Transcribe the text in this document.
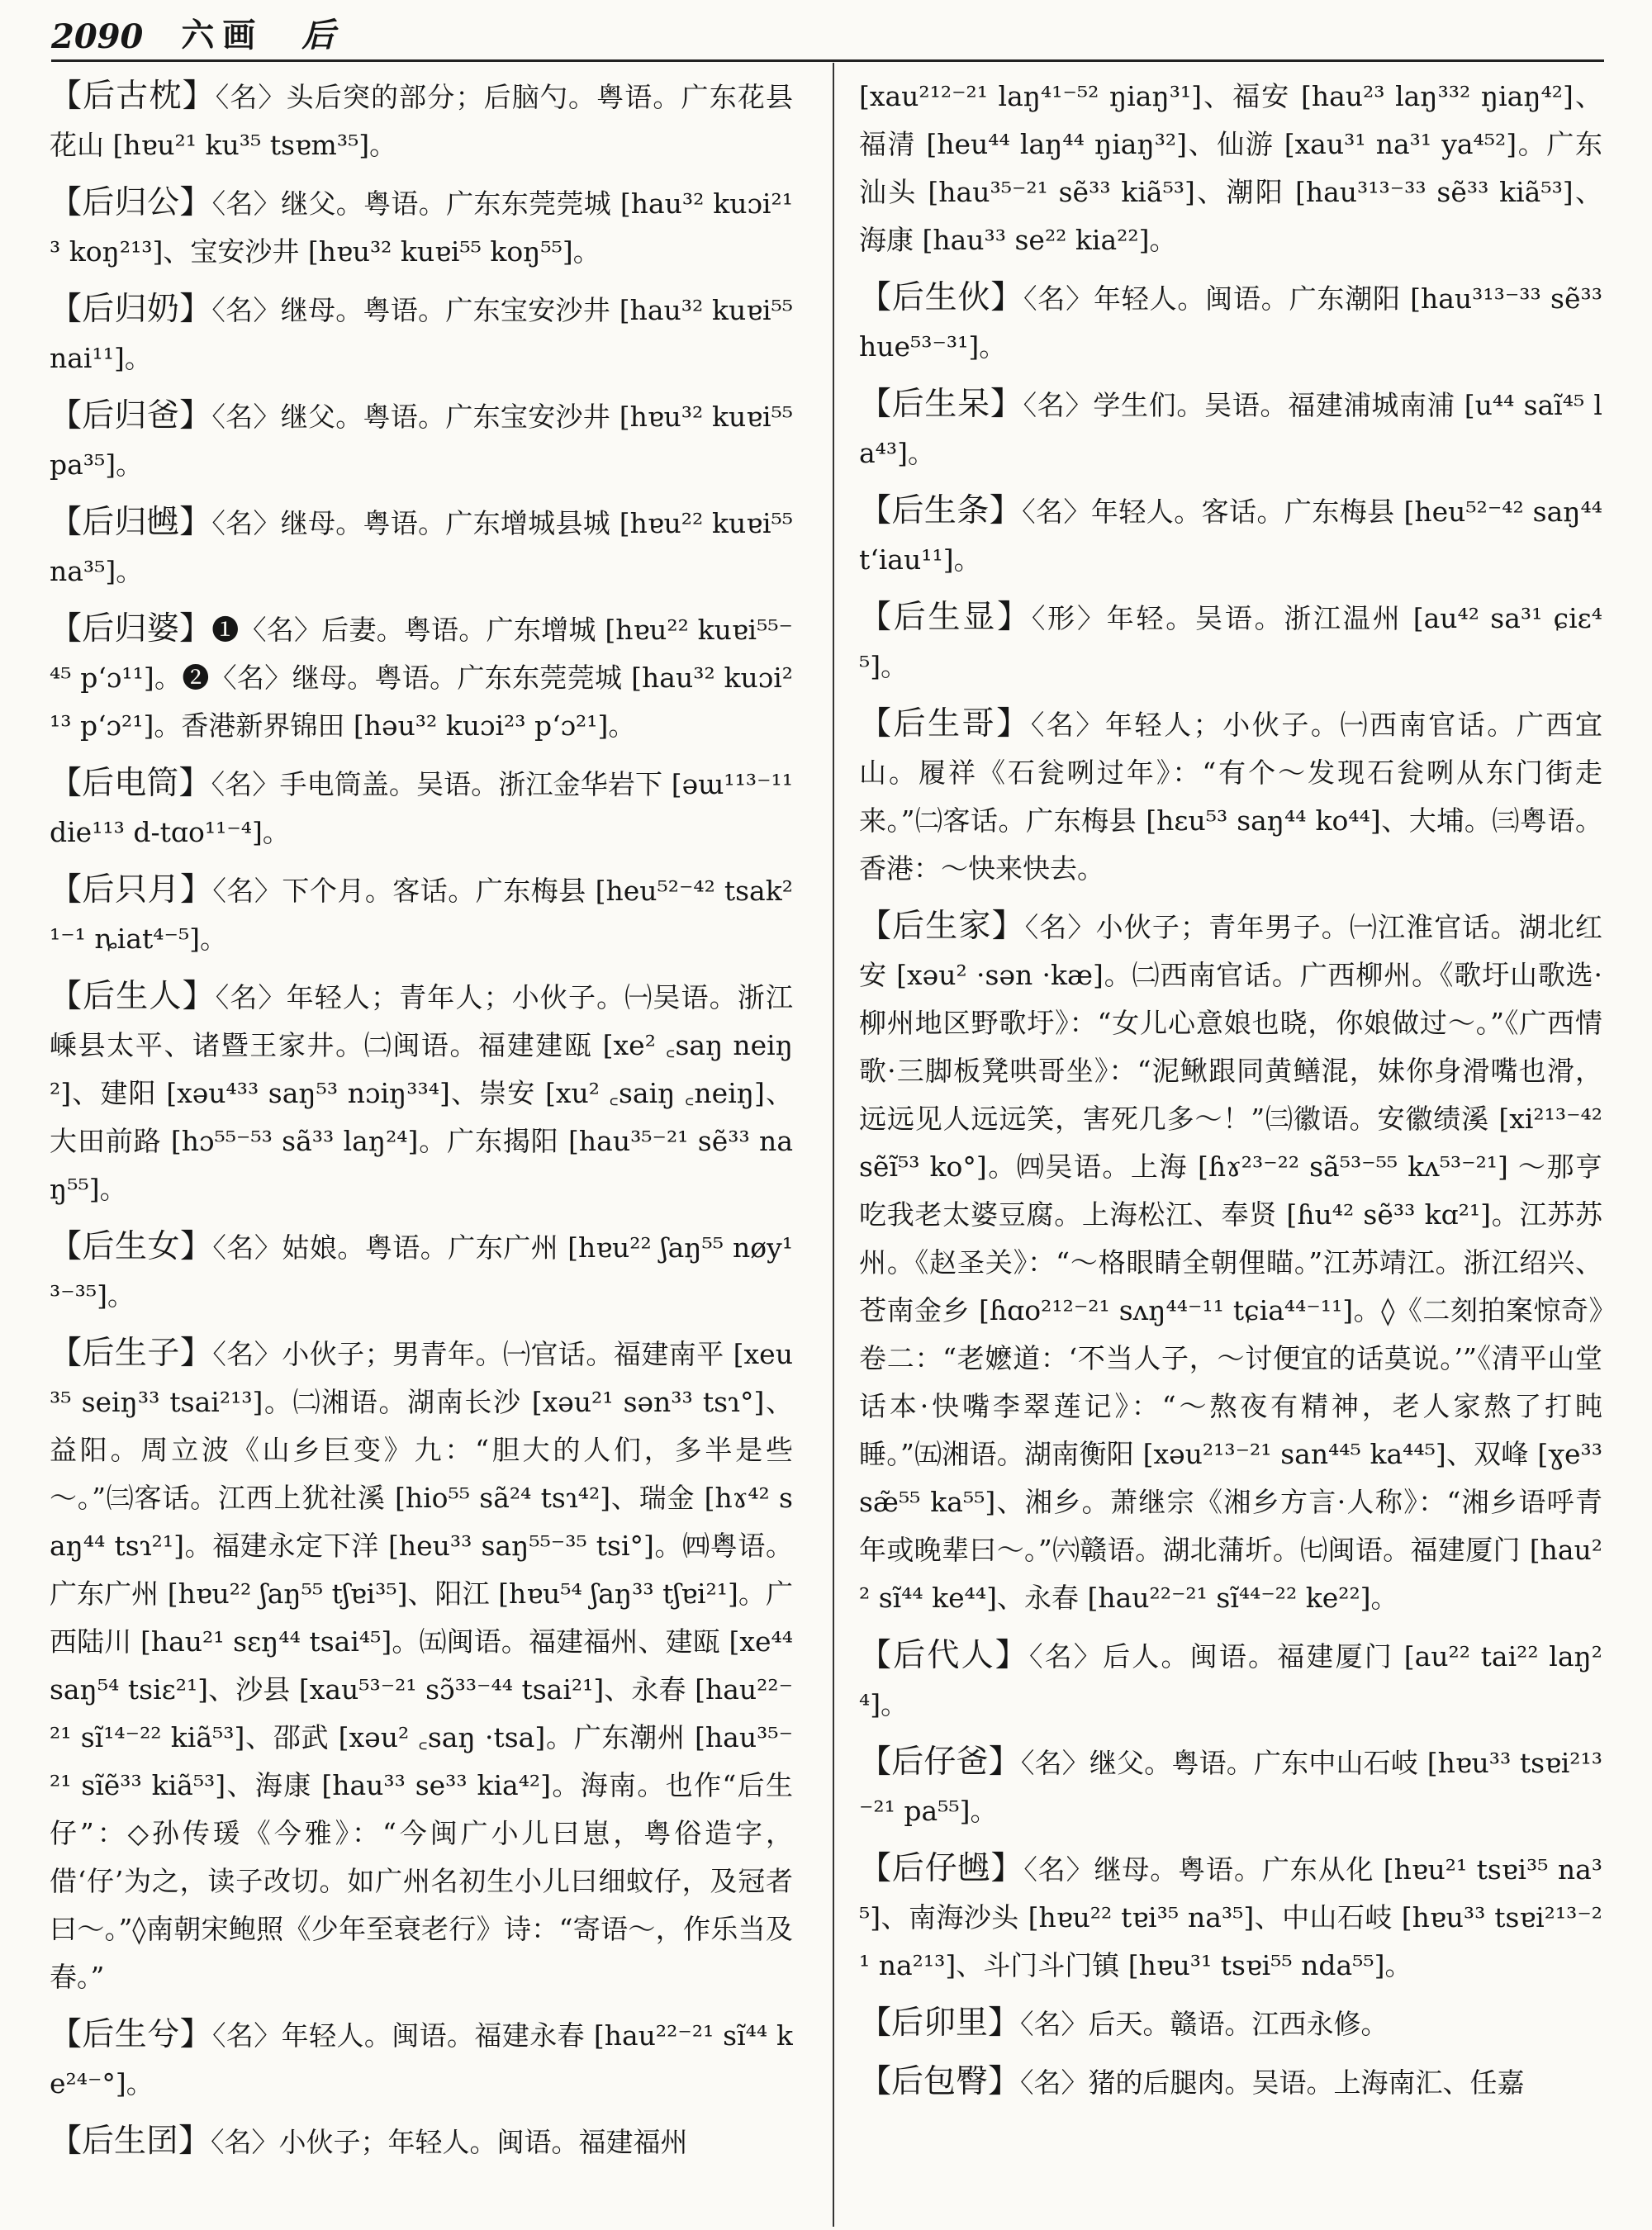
2090 六画 后

【 后古枕 】 〈名〉头后突的部分；后脑勺。粤语。广东花县花山 [hɐu²¹ ku³⁵ tsɐm³⁵]。

【 后归公 】 〈名〉继父。粤语。广东东莞莞城 [hau³² kuɔi²¹³ koŋ²¹³]、宝安沙井 [hɐu³² kuɐi⁵⁵ koŋ⁵⁵]。

【 后归奶 】 〈名〉继母。粤语。广东宝安沙井 [hau³² kuɐi⁵⁵ nai¹¹]。

【 后归爸 】 〈名〉继父。粤语。广东宝安沙井 [hɐu³² kuɐi⁵⁵ pa³⁵]。

【 后归乸 】 〈名〉继母。粤语。广东增城县城 [hɐu²² kuɐi⁵⁵ na³⁵]。

【 后归婆 】 ❶〈名〉后妻。粤语。广东增城 [hɐu²² kuɐi⁵⁵⁻⁴⁵ p‘ɔ¹¹]。❷〈名〉继母。粤语。广东东莞莞城 [hau³² kuɔi²¹³ p‘ɔ²¹]。香港新界锦田 [həu³² kuɔi²³ p‘ɔ²¹]。

【 后电筒 】 〈名〉手电筒盖。吴语。浙江金华岩下 [əɯ¹¹³⁻¹¹ die¹¹³ d-tɑo¹¹⁻⁴]。

【 后只月 】 〈名〉下个月。客话。广东梅县 [heu⁵²⁻⁴² tsak²¹⁻¹ ȵiat⁴⁻⁵]。

【 后生人 】 〈名〉年轻人；青年人；小伙子。㈠吴语。浙江嵊县太平、诸暨王家井。㈡闽语。福建建瓯 [xe² ꜀saŋ neiŋ²]、建阳 [xəu⁴³³ saŋ⁵³ nɔiŋ³³⁴]、崇安 [xu² ꜀saiŋ ꜀neiŋ]、大田前路 [hɔ⁵⁵⁻⁵³ sã³³ laŋ²⁴]。广东揭阳 [hau³⁵⁻²¹ sẽ³³ naŋ⁵⁵]。

【 后生女 】 〈名〉姑娘。粤语。广东广州 [hɐu²² ʃaŋ⁵⁵ nøy¹³⁻³⁵]。

【 后生子 】 〈名〉小伙子；男青年。㈠官话。福建南平 [xeu³⁵ seiŋ³³ tsai²¹³]。㈡湘语。湖南长沙 [xəu²¹ sən³³ tsɿ°]、益阳。周立波《山乡巨变》九：“胆大的人们，多半是些～。”㈢客话。江西上犹社溪 [hio⁵⁵ sã²⁴ tsɿ⁴²]、瑞金 [hɤ⁴² saŋ⁴⁴ tsɿ²¹]。福建永定下洋 [heu³³ saŋ⁵⁵⁻³⁵ tsi°]。㈣粤语。广东广州 [hɐu²² ʃaŋ⁵⁵ tʃɐi³⁵]、阳江 [hɐu⁵⁴ ʃaŋ³³ tʃɐi²¹]。广西陆川 [hau²¹ sɛŋ⁴⁴ tsai⁴⁵]。㈤闽语。福建福州、建瓯 [xe⁴⁴ saŋ⁵⁴ tsiɛ²¹]、沙县 [xau⁵³⁻²¹ sɔ̃³³⁻⁴⁴ tsai²¹]、永春 [hau²²⁻²¹ sĩ¹⁴⁻²² kiã⁵³]、邵武 [xəu² ꜀saŋ ·tsa]。广东潮州 [hau³⁵⁻²¹ sĩẽ³³ kiã⁵³]、海康 [hau³³ se³³ kia⁴²]。海南。也作“后生仔”：◇孙传瑗《今雅》：“今闽广小儿曰崽，粤俗造字，借‘仔’为之，读子改切。如广州名初生小儿曰细蚊仔，及冠者曰～。”◊南朝宋鲍照《少年至衰老行》诗：“寄语～，作乐当及春。”

【 后生兮 】 〈名〉年轻人。闽语。福建永春 [hau²²⁻²¹ sĩ⁴⁴ ke²⁴⁻°]。

【 后生囝 】 〈名〉小伙子；年轻人。闽语。福建福州

[xau²¹²⁻²¹ laŋ⁴¹⁻⁵² ŋiaŋ³¹]、福安 [hau²³ laŋ³³² ŋiaŋ⁴²]、福清 [heu⁴⁴ laŋ⁴⁴ ŋiaŋ³²]、仙游 [xau³¹ na³¹ ya⁴⁵²]。广东汕头 [hau³⁵⁻²¹ sẽ³³ kiã⁵³]、潮阳 [hau³¹³⁻³³ sẽ³³ kiã⁵³]、海康 [hau³³ se²² kia²²]。

【 后生伙 】 〈名〉年轻人。闽语。广东潮阳 [hau³¹³⁻³³ sẽ³³ hue⁵³⁻³¹]。

【 后生呆 】 〈名〉学生们。吴语。福建浦城南浦 [u⁴⁴ saĩ⁴⁵ la⁴³]。

【 后生条 】 〈名〉年轻人。客话。广东梅县 [heu⁵²⁻⁴² saŋ⁴⁴ t‘iau¹¹]。

【 后生显 】 〈形〉年轻。吴语。浙江温州 [au⁴² sa³¹ ɕiɛ⁴⁵]。

【 后生哥 】 〈名〉年轻人；小伙子。㈠西南官话。广西宜山。履祥《石瓮咧过年》：“有个～发现石瓮咧从东门街走来。”㈡客话。广东梅县 [hɛu⁵³ saŋ⁴⁴ ko⁴⁴]、大埔。㈢粤语。香港：～快来快去。

【 后生家 】 〈名〉小伙子；青年男子。㈠江淮官话。湖北红安 [xəu² ·sən ·kæ]。㈡西南官话。广西柳州。《歌圩山歌选·柳州地区野歌圩》：“女儿心意娘也晓，你娘做过～。”《广西情歌·三脚板凳哄哥坐》：“泥鳅跟同黄鳝混，妹你身滑嘴也滑，远远见人远远笑，害死几多～！”㈢徽语。安徽绩溪 [xi²¹³⁻⁴² sẽĩ⁵³ ko°]。㈣吴语。上海 [ɦɤ²³⁻²² sã⁵³⁻⁵⁵ kʌ⁵³⁻²¹] ～那亨吃我老太婆豆腐。上海松江、奉贤 [ɦu⁴² sẽ³³ kɑ²¹]。江苏苏州。《赵圣关》：“～格眼睛全朝俚瞄。”江苏靖江。浙江绍兴、苍南金乡 [ɦɑo²¹²⁻²¹ sʌŋ⁴⁴⁻¹¹ tɕia⁴⁴⁻¹¹]。◊《二刻拍案惊奇》卷二：“老嬷道：‘不当人子，～讨便宜的话莫说。’”《清平山堂话本·快嘴李翠莲记》：“～熬夜有精神，老人家熬了打盹睡。”㈤湘语。湖南衡阳 [xəu²¹³⁻²¹ san⁴⁴⁵ ka⁴⁴⁵]、双峰 [ɣe³³ sæ̃⁵⁵ ka⁵⁵]、湘乡。萧继宗《湘乡方言·人称》：“湘乡语呼青年或晚辈曰～。”㈥赣语。湖北蒲圻。㈦闽语。福建厦门 [hau²² sĩ⁴⁴ ke⁴⁴]、永春 [hau²²⁻²¹ sĩ⁴⁴⁻²² ke²²]。

【 后代人 】 〈名〉后人。闽语。福建厦门 [au²² tai²² laŋ²⁴]。

【 后仔爸 】 〈名〉继父。粤语。广东中山石岐 [hɐu³³ tsɐi²¹³⁻²¹ pa⁵⁵]。

【 后仔乸 】 〈名〉继母。粤语。广东从化 [hɐu²¹ tsɐi³⁵ na³⁵]、南海沙头 [hɐu²² tɐi³⁵ na³⁵]、中山石岐 [hɐu³³ tsɐi²¹³⁻²¹ na²¹³]、斗门斗门镇 [hɐu³¹ tsɐi⁵⁵ nda⁵⁵]。

【 后卯里 】 〈名〉后天。赣语。江西永修。

【 后包臀 】 〈名〉猪的后腿肉。吴语。上海南汇、任嘉
